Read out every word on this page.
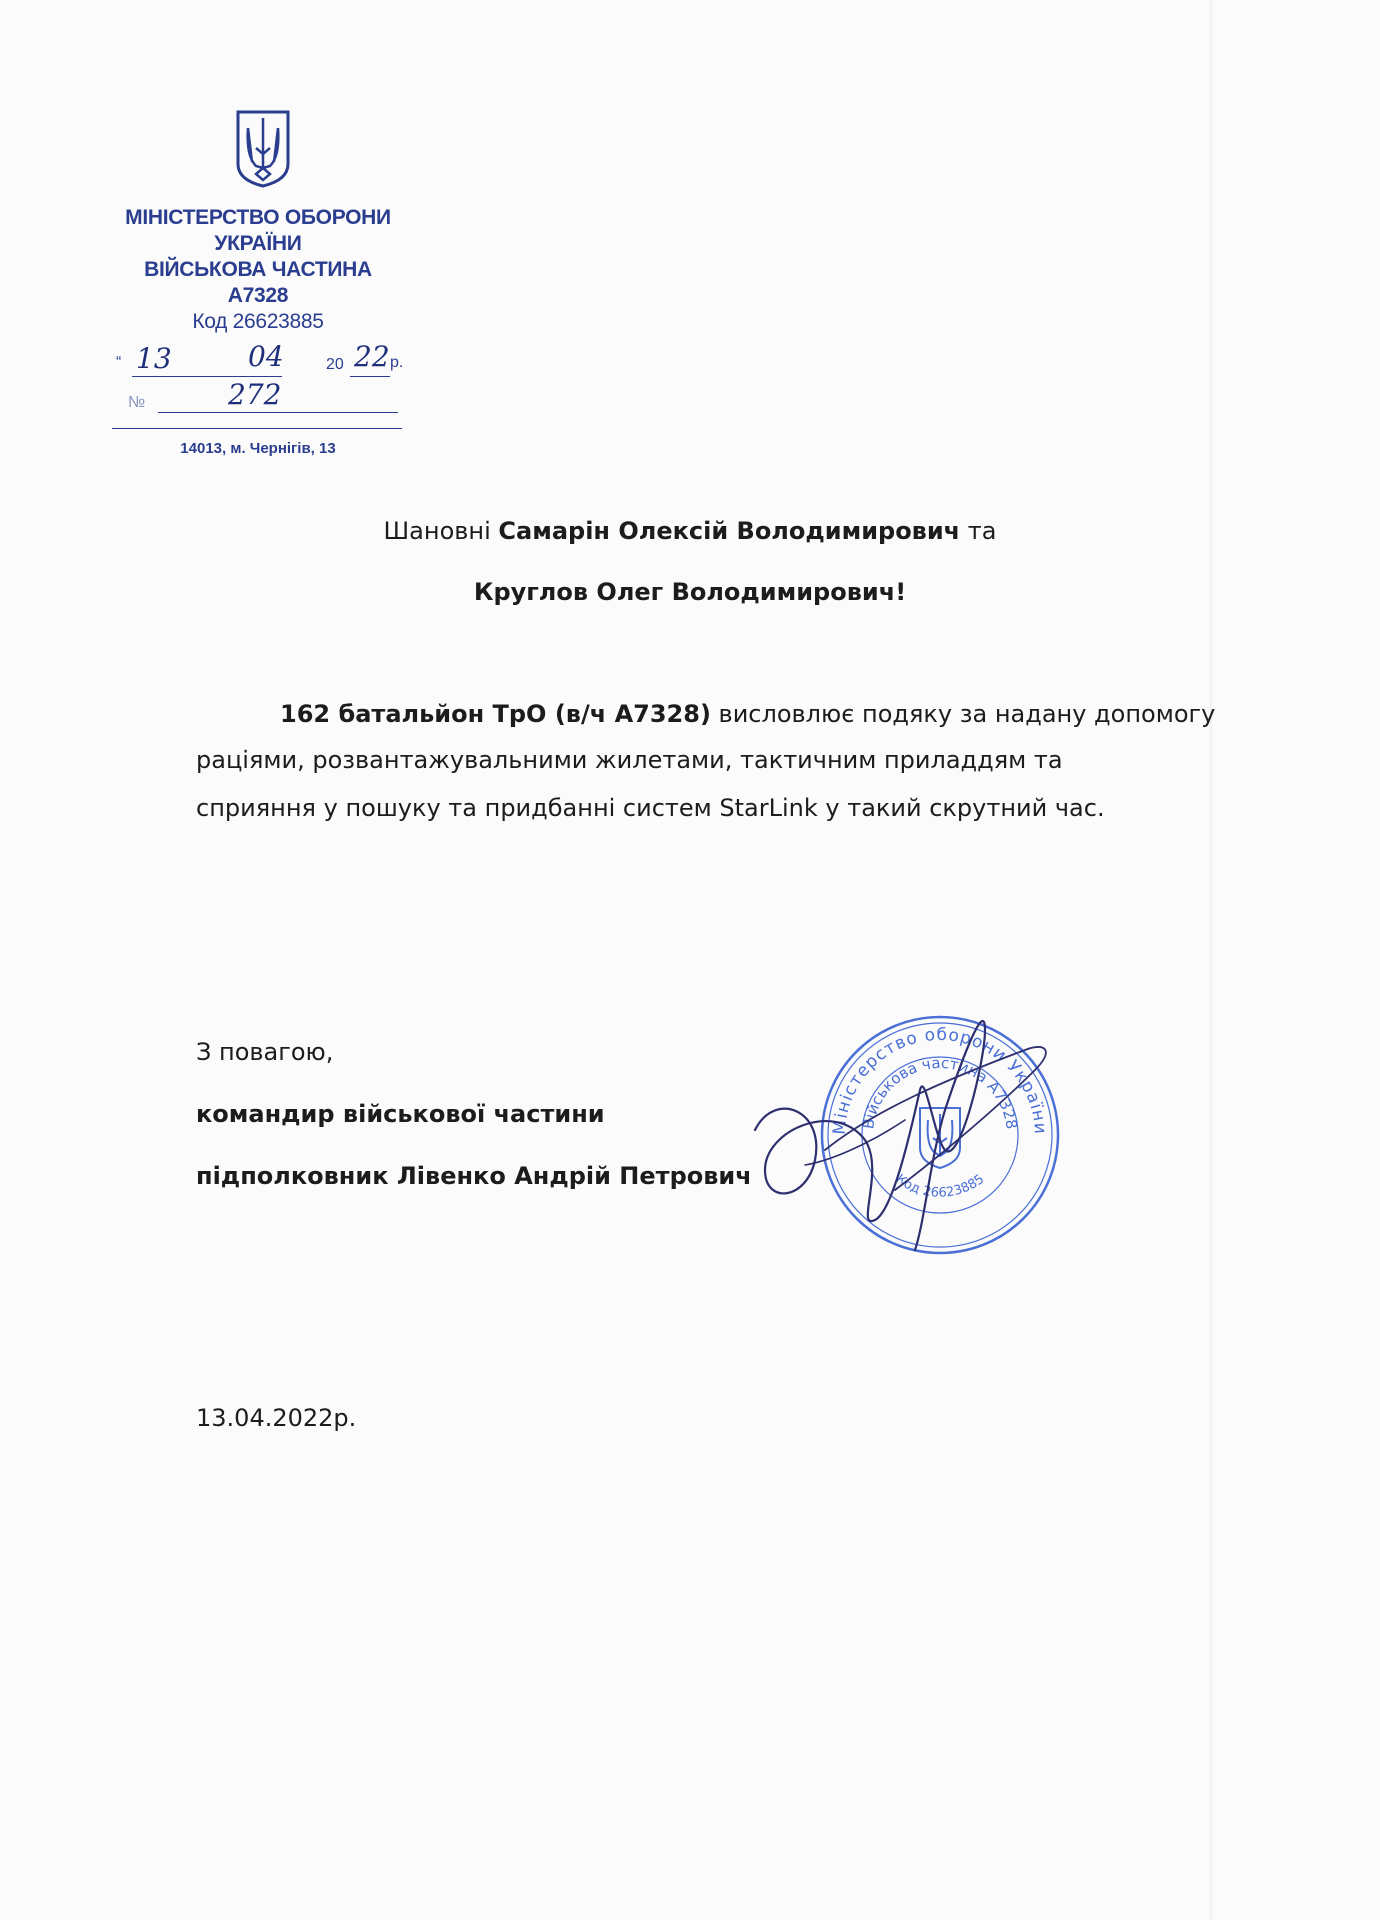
МІНІСТЕРСТВО ОБОРОНИ
УКРАЇНИ
ВІЙСЬКОВА ЧАСТИНА
А7328
Код 26623885
“ 13	04	20 22 р.
№	272
14013, м. Чернігів, 13
Шановні Самарін Олексій Володимирович та
Круглов Олег Володимирович!
162 батальйон ТрО (в/ч А7328) висловлює подяку за надану допомогу
раціями, розвантажувальними жилетами, тактичним приладдям та
сприяння у пошуку та придбанні систем StarLink у такий скрутний час.
З повагою,
командир військової частини
підполковник Лівенко Андрій Петрович
Міністерство оборони України
Військова частина А7328
Код 26623885
13.04.2022р.
